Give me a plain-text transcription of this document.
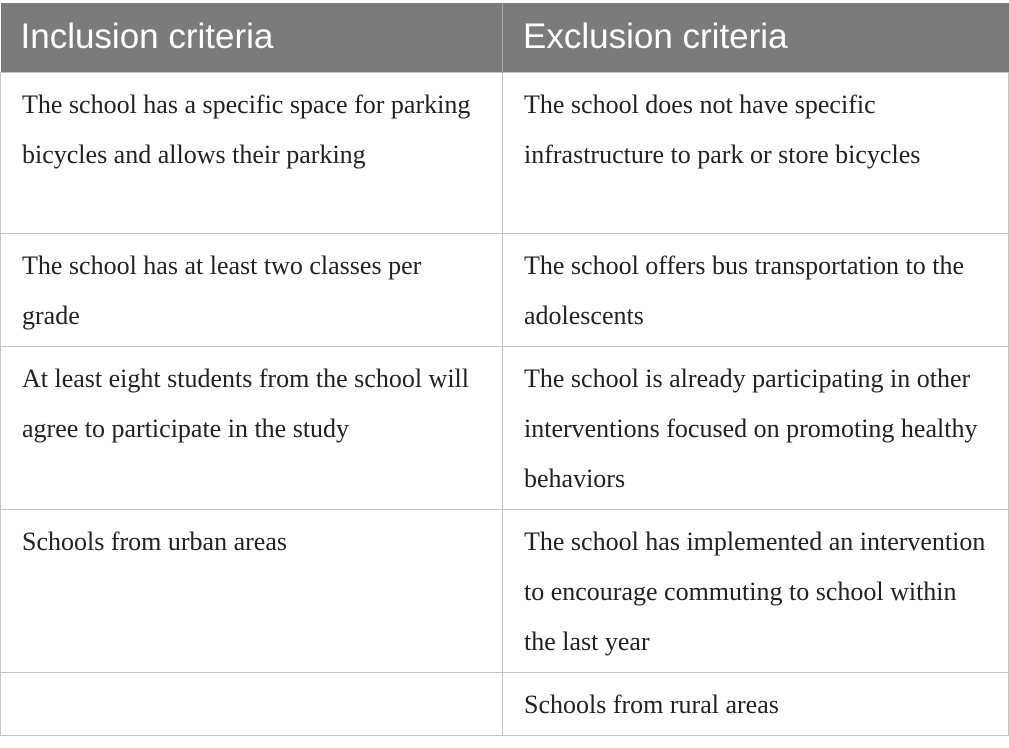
Inclusion criteria	Exclusion criteria
The school has a specific space for parking bicycles and allows their parking	The school does not have specific infrastructure to park or store bicycles
The school has at least two classes per grade	The school offers bus transportation to the adolescents
At least eight students from the school will agree to participate in the study	The school is already participating in other interventions focused on promoting healthy behaviors
Schools from urban areas	The school has implemented an intervention to encourage commuting to school within the last year
	Schools from rural areas
